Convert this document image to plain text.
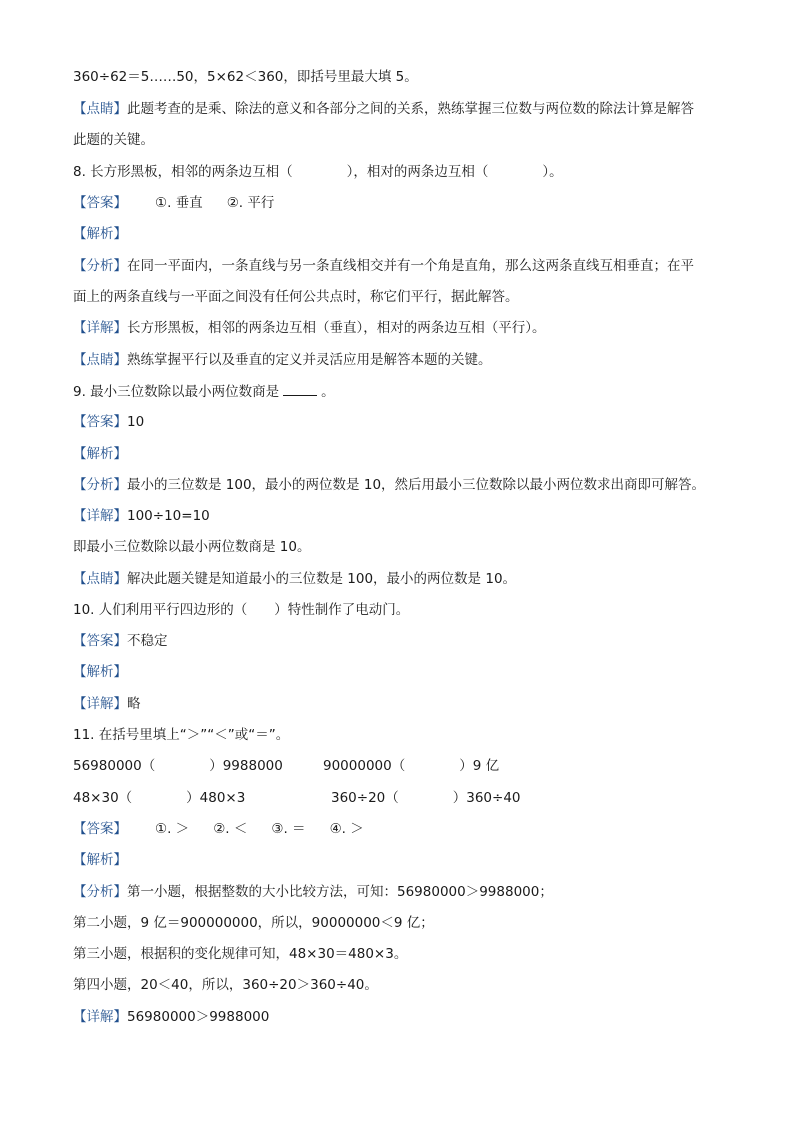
360÷62＝5……50，5×62＜360，即括号里最大填 5。
【点睛】此题考查的是乘、除法的意义和各部分之间的关系，熟练掌握三位数与两位数的除法计算是解答
此题的关键。
8. 长方形黑板，相邻的两条边互相（　　　　），相对的两条边互相（　　　　）。
【答案】 ①. 垂直 ②. 平行
【解析】
【分析】在同一平面内，一条直线与另一条直线相交并有一个角是直角，那么这两条直线互相垂直；在平
面上的两条直线与一平面之间没有任何公共点时，称它们平行，据此解答。
【详解】长方形黑板，相邻的两条边互相（垂直），相对的两条边互相（平行）。
【点睛】熟练掌握平行以及垂直的定义并灵活应用是解答本题的关键。
9. 最小三位数除以最小两位数商是	。
【答案】10
【解析】
【分析】最小的三位数是 100，最小的两位数是 10，然后用最小三位数除以最小两位数求出商即可解答。
【详解】100÷10=10
即最小三位数除以最小两位数商是 10。
【点睛】解决此题关键是知道最小的三位数是 100，最小的两位数是 10。
10. 人们利用平行四边形的（　　）特性制作了电动门。
【答案】不稳定
【解析】
【详解】略
11. 在括号里填上“＞”“＜”或“＝”。
56980000（　　　　）9988000	90000000（　　　　）9 亿
48×30（　　　　）480×3	360÷20（　　　　）360÷40
【答案】 ①. ＞ ②. ＜ ③. ＝ ④. ＞
【解析】
【分析】第一小题，根据整数的大小比较方法，可知：56980000＞9988000；
第二小题，9 亿＝900000000，所以，90000000＜9 亿；
第三小题，根据积的变化规律可知，48×30＝480×3。
第四小题，20＜40，所以，360÷20＞360÷40。
【详解】56980000＞9988000
